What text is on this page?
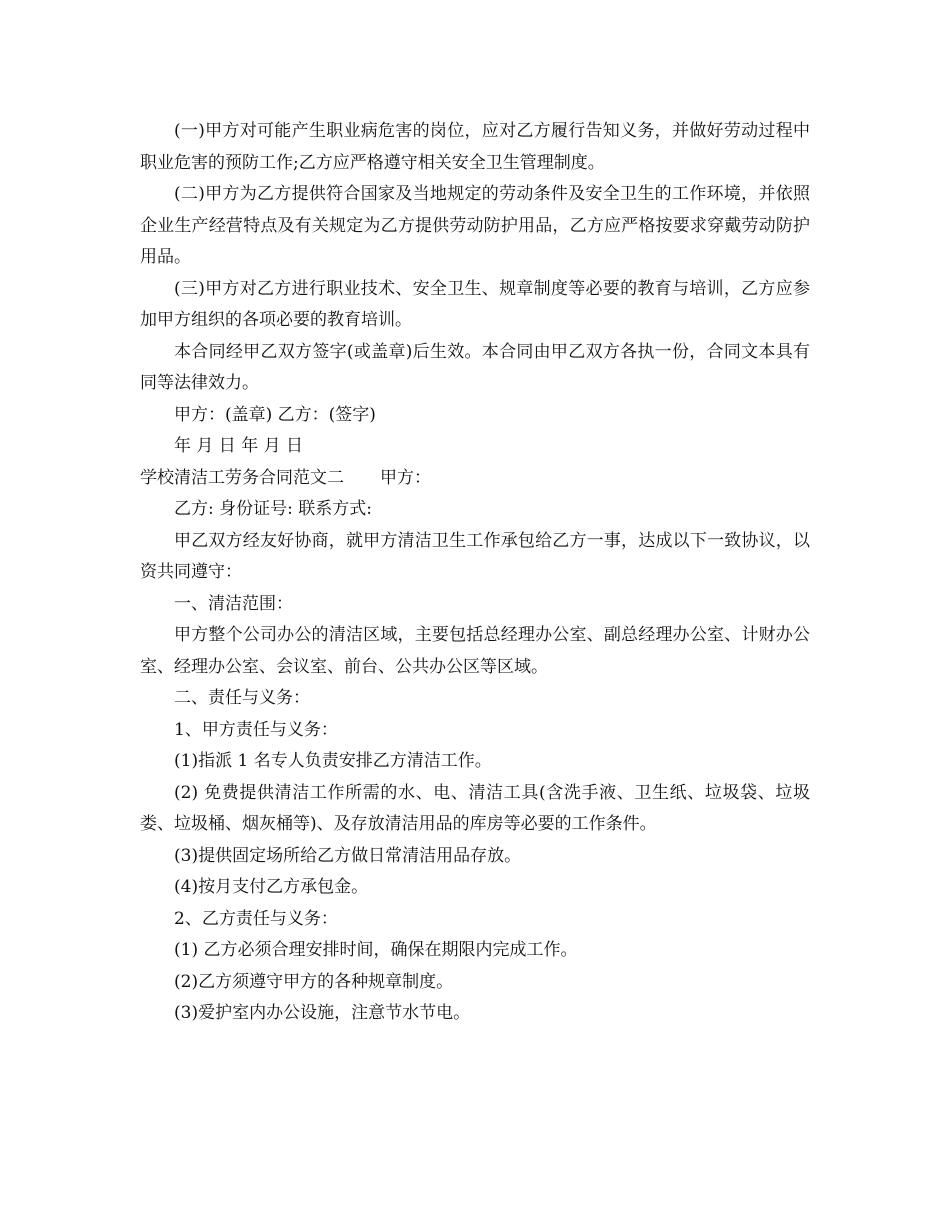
(一)甲方对可能产生职业病危害的岗位，应对乙方履行告知义务，并做好劳动过程中职业危害的预防工作;乙方应严格遵守相关安全卫生管理制度。

(二)甲方为乙方提供符合国家及当地规定的劳动条件及安全卫生的工作环境，并依照企业生产经营特点及有关规定为乙方提供劳动防护用品，乙方应严格按要求穿戴劳动防护用品。

(三)甲方对乙方进行职业技术、安全卫生、规章制度等必要的教育与培训，乙方应参加甲方组织的各项必要的教育培训。

本合同经甲乙双方签字(或盖章)后生效。本合同由甲乙双方各执一份，合同文本具有同等法律效力。

甲方：(盖章) 乙方：(签字)

年 月 日 年 月 日

学校清洁工劳务合同范文二 甲方：

乙方: 身份证号: 联系方式:

甲乙双方经友好协商，就甲方清洁卫生工作承包给乙方一事，达成以下一致协议，以资共同遵守：

一、清洁范围：

甲方整个公司办公的清洁区域，主要包括总经理办公室、副总经理办公室、计财办公室、经理办公室、会议室、前台、公共办公区等区域。

二、责任与义务：

1、甲方责任与义务：

(1)指派 1 名专人负责安排乙方清洁工作。

(2) 免费提供清洁工作所需的水、电、清洁工具(含洗手液、卫生纸、垃圾袋、垃圾娄、垃圾桶、烟灰桶等)、及存放清洁用品的库房等必要的工作条件。

(3)提供固定场所给乙方做日常清洁用品存放。

(4)按月支付乙方承包金。

2、乙方责任与义务：

(1) 乙方必须合理安排时间，确保在期限内完成工作。

(2)乙方须遵守甲方的各种规章制度。

(3)爱护室内办公设施，注意节水节电。
